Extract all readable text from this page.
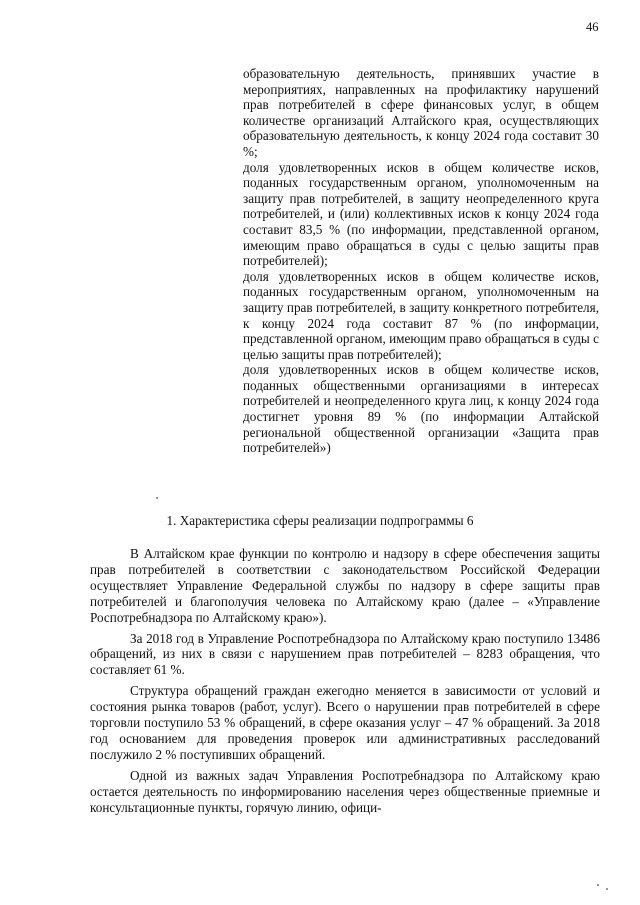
46

образовательную деятельность, принявших участие в мероприятиях, направленных на профилактику нарушений прав потребителей в сфере финансовых услуг, в общем количестве организаций Алтайского края, осуществляющих образовательную деятельность, к концу 2024 года составит 30 %;

доля удовлетворенных исков в общем количестве исков, поданных государственным органом, уполномоченным на защиту прав потребителей, в защиту неопределенного круга потребителей, и (или) коллективных исков к концу 2024 года составит 83,5 % (по информации, представленной органом, имеющим право обращаться в суды с целью защиты прав потребителей);

доля удовлетворенных исков в общем количестве исков, поданных государственным органом, уполномоченным на защиту прав потребителей, в защиту конкретного потребителя, к концу 2024 года составит 87 % (по информации, представленной органом, имеющим право обращаться в суды с целью защиты прав потребителей);

доля удовлетворенных исков в общем количестве исков, поданных общественными организациями в интересах потребителей и неопределенного круга лиц, к концу 2024 года достигнет уровня 89 % (по информации Алтайской региональной общественной организации «Защита прав потребителей»)

1. Характеристика сферы реализации подпрограммы 6

В Алтайском крае функции по контролю и надзору в сфере обеспечения защиты прав потребителей в соответствии с законодательством Российской Федерации осуществляет Управление Федеральной службы по надзору в сфере защиты прав потребителей и благополучия человека по Алтайскому краю (далее – «Управление Роспотребнадзора по Алтайскому краю»).

За 2018 год в Управление Роспотребнадзора по Алтайскому краю поступило 13486 обращений, из них в связи с нарушением прав потребителей – 8283 обращения, что составляет 61 %.

Структура обращений граждан ежегодно меняется в зависимости от условий и состояния рынка товаров (работ, услуг). Всего о нарушении прав потребителей в сфере торговли поступило 53 % обращений, в сфере оказания услуг – 47 % обращений. За 2018 год основанием для проведения проверок или административных расследований послужило 2 % поступивших обращений.

Одной из важных задач Управления Роспотребнадзора по Алтайскому краю остается деятельность по информированию населения через общественные приемные и консультационные пункты, горячую линию, офици-
